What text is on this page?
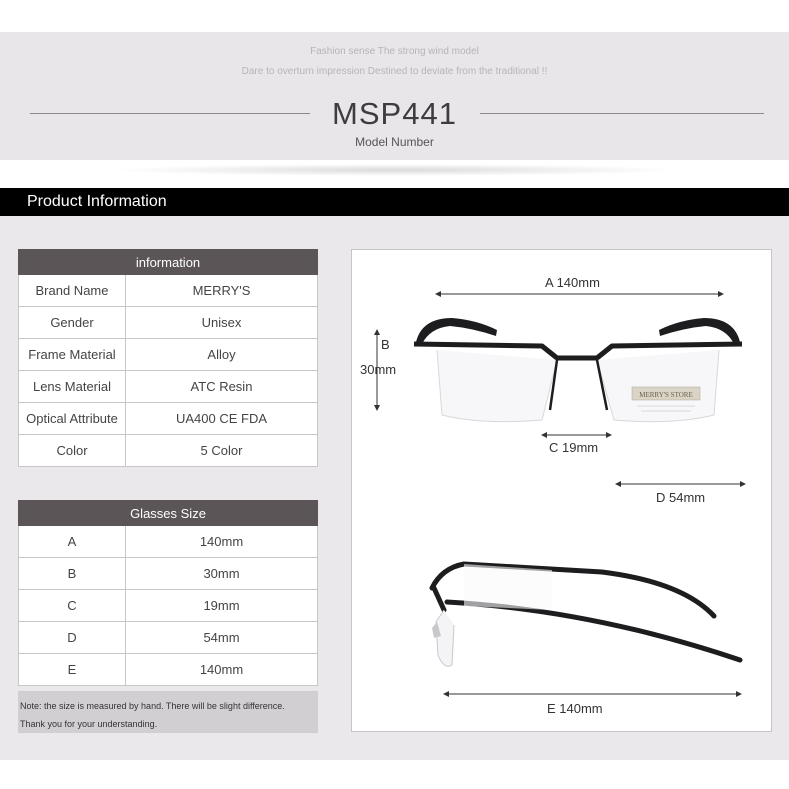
Fashion sense The strong wind model
Dare to overturn impression Destined to deviate from the traditional !!
MSP441
Model Number
Product Information
information	
Brand Name	MERRY'S
Gender	Unisex
Frame Material	Alloy
Lens Material	ATC Resin
Optical Attribute	UA400 CE FDA
Color	5 Color
Glasses Size	
A	140mm
B	30mm
C	19mm
D	54mm
E	140mm
Note: the size is measured by hand. There will be slight difference.
Thank you for your understanding.
MERRY'S STORE
A 140mm
B
30mm
C 19mm
D 54mm
E 140mm
